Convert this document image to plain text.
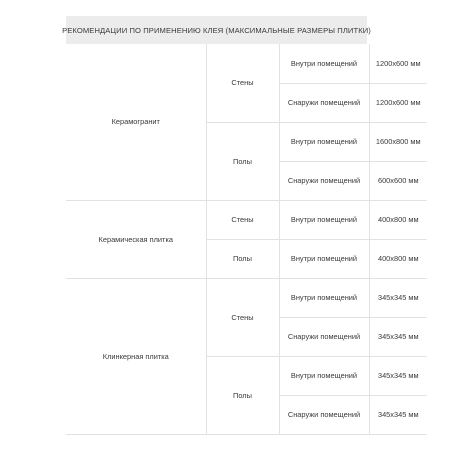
РЕКОМЕНДАЦИИ ПО ПРИМЕНЕНИЮ КЛЕЯ (МАКСИМАЛЬНЫЕ РАЗМЕРЫ ПЛИТКИ)
Керамогранит	Стены	Внутри помещений	1200x600 мм
		Снаружи помещений	1200x600 мм
	Полы	Внутри помещений	1600x800 мм
		Снаружи помещений	600x600 мм
Керамическая плитка	Стены	Внутри помещений	400x800 мм
	Полы	Внутри помещений	400x800 мм
Клинкерная плитка	Стены	Внутри помещений	345x345 мм
		Снаружи помещений	345x345 мм
	Полы	Внутри помещений	345x345 мм
		Снаружи помещений	345x345 мм
